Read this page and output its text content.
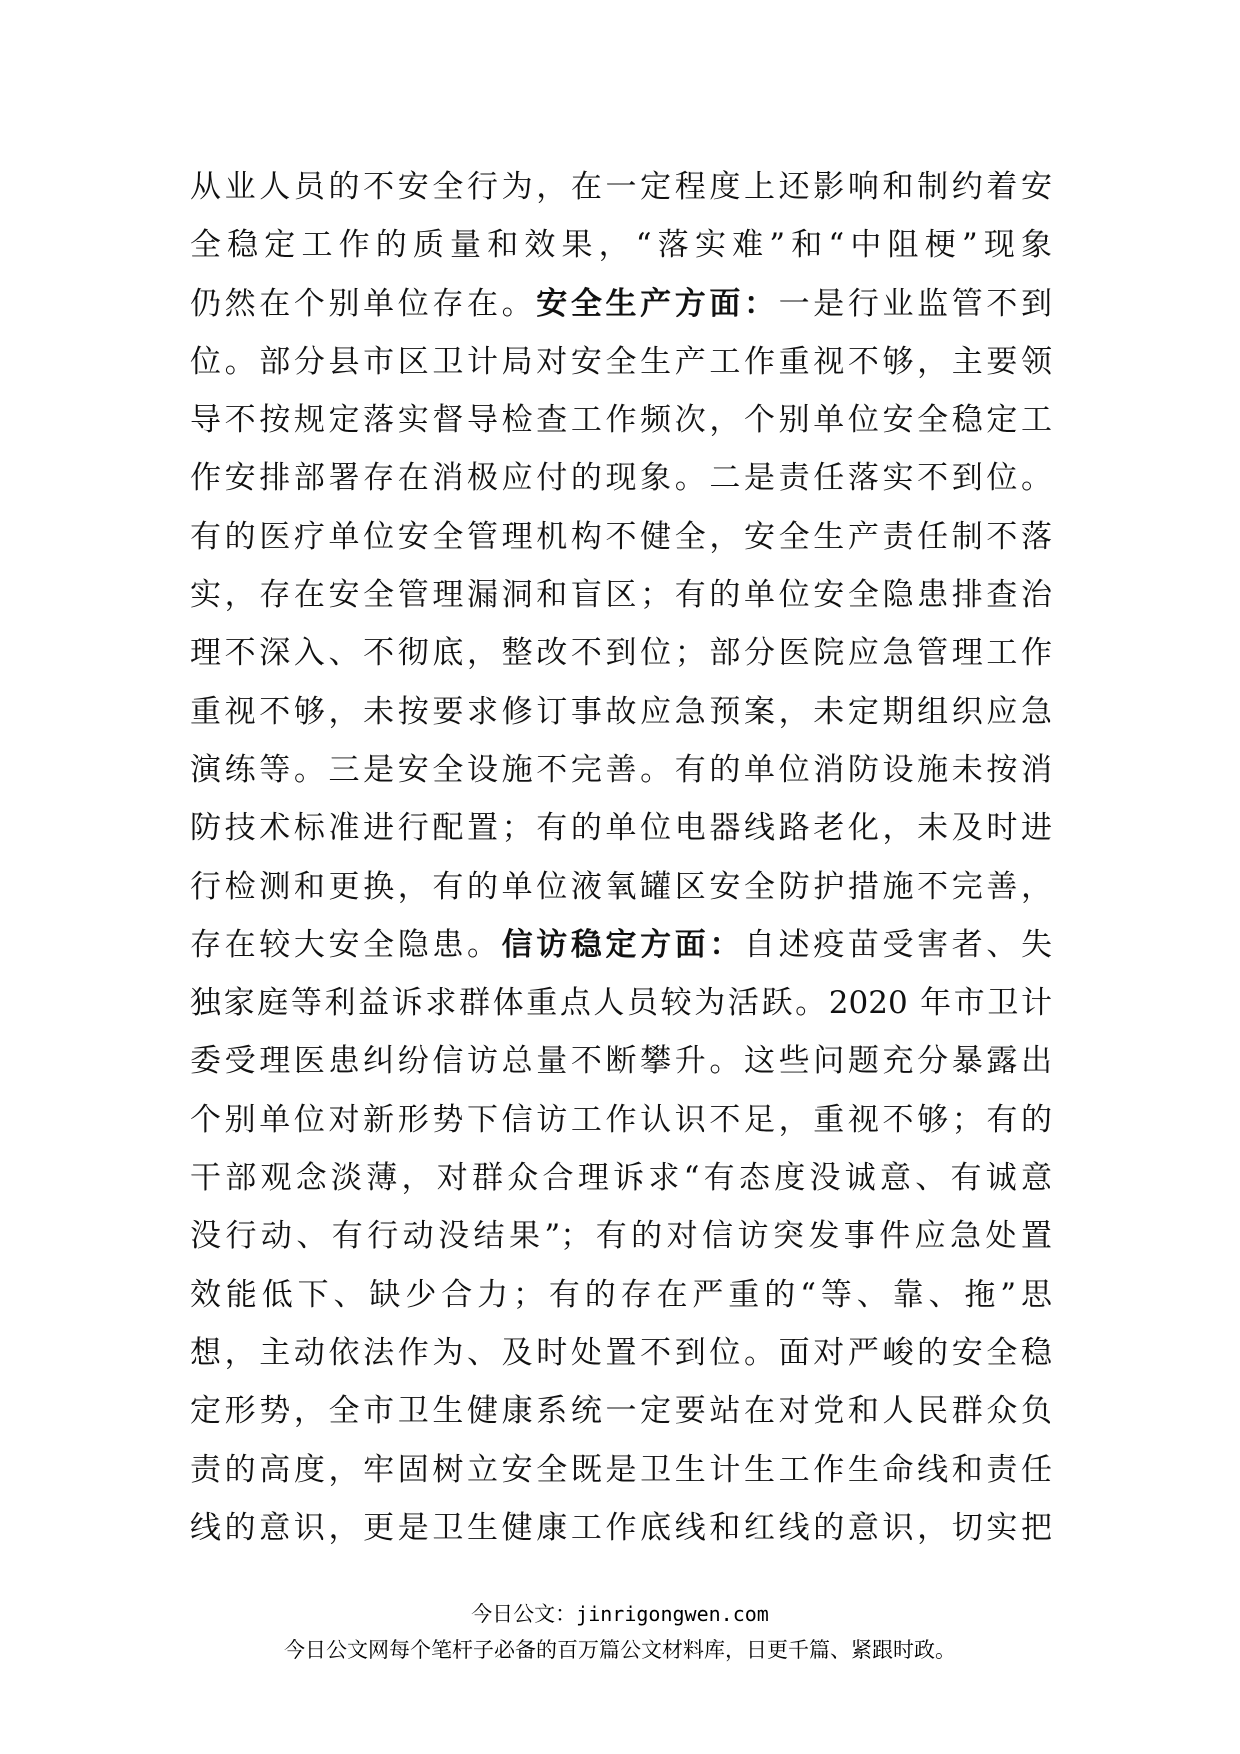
从业人员的不安全行为，在一定程度上还影响和制约着安
全稳定工作的质量和效果，“落实难”和“中阻梗”现象
仍然在个别单位存在。安全生产方面：一是行业监管不到
位。部分县市区卫计局对安全生产工作重视不够，主要领
导不按规定落实督导检查工作频次，个别单位安全稳定工
作安排部署存在消极应付的现象。二是责任落实不到位。
有的医疗单位安全管理机构不健全，安全生产责任制不落
实，存在安全管理漏洞和盲区；有的单位安全隐患排查治
理不深入、不彻底，整改不到位；部分医院应急管理工作
重视不够，未按要求修订事故应急预案，未定期组织应急
演练等。三是安全设施不完善。有的单位消防设施未按消
防技术标准进行配置；有的单位电器线路老化，未及时进
行检测和更换，有的单位液氧罐区安全防护措施不完善，
存在较大安全隐患。信访稳定方面：自述疫苗受害者、失
独家庭等利益诉求群体重点人员较为活跃。2020 年市卫计
委受理医患纠纷信访总量不断攀升。这些问题充分暴露出
个别单位对新形势下信访工作认识不足，重视不够；有的
干部观念淡薄，对群众合理诉求“有态度没诚意、有诚意
没行动、有行动没结果”；有的对信访突发事件应急处置
效能低下、缺少合力；有的存在严重的“等、靠、拖”思
想，主动依法作为、及时处置不到位。面对严峻的安全稳
定形势，全市卫生健康系统一定要站在对党和人民群众负
责的高度，牢固树立安全既是卫生计生工作生命线和责任
线的意识，更是卫生健康工作底线和红线的意识，切实把
今日公文：jinrigongwen.com
今日公文网每个笔杆子必备的百万篇公文材料库，日更千篇、紧跟时政。
